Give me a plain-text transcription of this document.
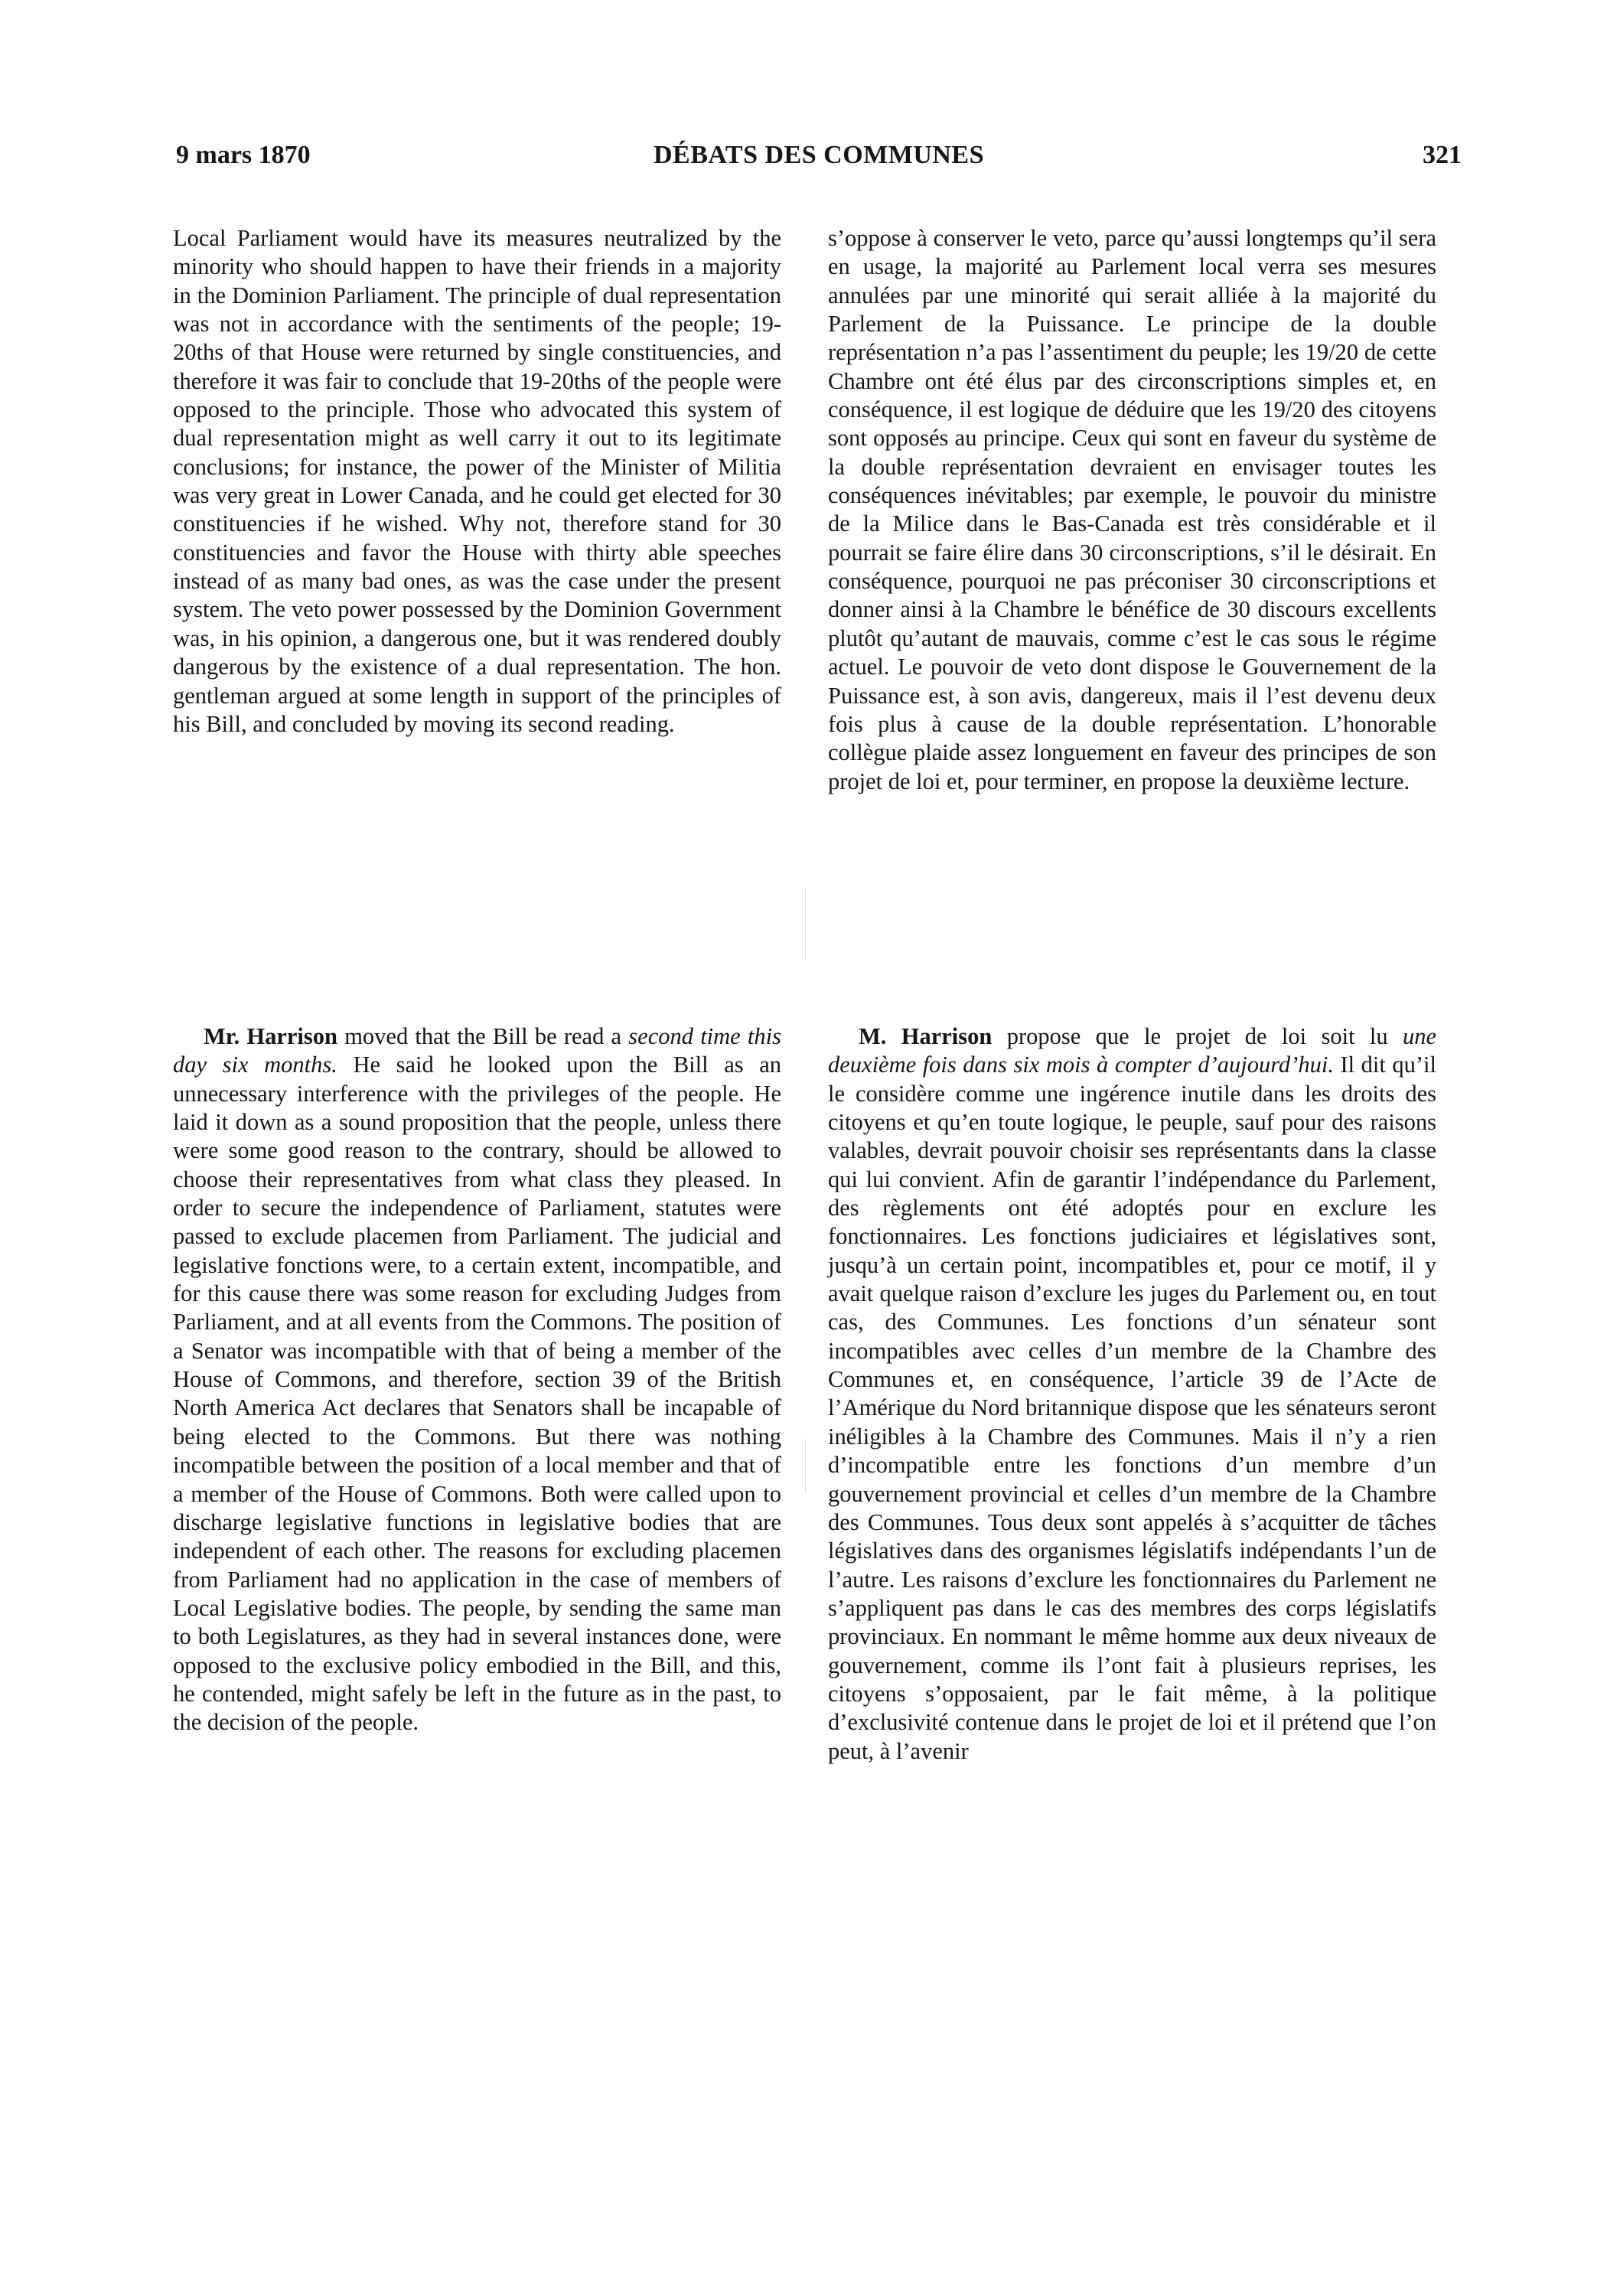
9 mars 1870	DÉBATS DES COMMUNES	321

Local Parliament would have its measures neutralized by the minority who should happen to have their friends in a majority in the Dominion Parliament. The principle of dual representation was not in accordance with the sentiments of the people; 19-20ths of that House were returned by single constituencies, and therefore it was fair to conclude that 19-20ths of the people were opposed to the principle. Those who advocated this system of dual representation might as well carry it out to its legitimate conclusions; for instance, the power of the Minister of Militia was very great in Lower Canada, and he could get elected for 30 constituencies if he wished. Why not, therefore stand for 30 constituencies and favor the House with thirty able speeches instead of as many bad ones, as was the case under the present system. The veto power possessed by the Dominion Government was, in his opinion, a dangerous one, but it was rendered doubly dangerous by the existence of a dual representation. The hon. gentleman argued at some length in support of the principles of his Bill, and concluded by moving its second reading.

s’oppose à conserver le veto, parce qu’aussi longtemps qu’il sera en usage, la majorité au Parlement local verra ses mesures annulées par une minorité qui serait alliée à la majorité du Parlement de la Puissance. Le principe de la double représentation n’a pas l’assentiment du peuple; les 19/20 de cette Chambre ont été élus par des circonscriptions simples et, en conséquence, il est logique de déduire que les 19/20 des citoyens sont opposés au principe. Ceux qui sont en faveur du système de la double représentation devraient en envisager toutes les conséquences inévitables; par exemple, le pouvoir du ministre de la Milice dans le Bas-Canada est très considérable et il pourrait se faire élire dans 30 circonscriptions, s’il le désirait. En conséquence, pourquoi ne pas préconiser 30 circonscriptions et donner ainsi à la Chambre le bénéfice de 30 discours excellents plutôt qu’autant de mauvais, comme c’est le cas sous le régime actuel. Le pouvoir de veto dont dispose le Gouvernement de la Puissance est, à son avis, dangereux, mais il l’est devenu deux fois plus à cause de la double représentation. L’honorable collègue plaide assez longuement en faveur des principes de son projet de loi et, pour terminer, en propose la deuxième lecture.

Mr. Harrison moved that the Bill be read a second time this day six months. He said he looked upon the Bill as an unnecessary interference with the privileges of the people. He laid it down as a sound proposition that the people, unless there were some good reason to the contrary, should be allowed to choose their representatives from what class they pleased. In order to secure the independence of Parliament, statutes were passed to exclude placemen from Parliament. The judicial and legislative fonctions were, to a certain extent, incompatible, and for this cause there was some reason for excluding Judges from Parliament, and at all events from the Commons. The position of a Senator was incompatible with that of being a member of the House of Commons, and therefore, section 39 of the British North America Act declares that Senators shall be incapable of being elected to the Commons. But there was nothing incompatible between the position of a local member and that of a member of the House of Commons. Both were called upon to discharge legislative functions in legislative bodies that are independent of each other. The reasons for excluding placemen from Parliament had no application in the case of members of Local Legislative bodies. The people, by sending the same man to both Legislatures, as they had in several instances done, were opposed to the exclusive policy embodied in the Bill, and this, he contended, might safely be left in the future as in the past, to the decision of the people.

M. Harrison propose que le projet de loi soit lu une deuxième fois dans six mois à compter d’aujourd’hui. Il dit qu’il le considère comme une ingérence inutile dans les droits des citoyens et qu’en toute logique, le peuple, sauf pour des raisons valables, devrait pouvoir choisir ses représentants dans la classe qui lui convient. Afin de garantir l’indépendance du Parlement, des règlements ont été adoptés pour en exclure les fonctionnaires. Les fonctions judiciaires et législatives sont, jusqu’à un certain point, incompatibles et, pour ce motif, il y avait quelque raison d’exclure les juges du Parlement ou, en tout cas, des Communes. Les fonctions d’un sénateur sont incompatibles avec celles d’un membre de la Chambre des Communes et, en conséquence, l’article 39 de l’Acte de l’Amérique du Nord britannique dispose que les sénateurs seront inéligibles à la Chambre des Communes. Mais il n’y a rien d’incompatible entre les fonctions d’un membre d’un gouvernement provincial et celles d’un membre de la Chambre des Communes. Tous deux sont appelés à s’acquitter de tâches législatives dans des organismes législatifs indépendants l’un de l’autre. Les raisons d’exclure les fonctionnaires du Parlement ne s’appliquent pas dans le cas des membres des corps législatifs provinciaux. En nommant le même homme aux deux niveaux de gouvernement, comme ils l’ont fait à plusieurs reprises, les citoyens s’opposaient, par le fait même, à la politique d’exclusivité contenue dans le projet de loi et il prétend que l’on peut, à l’avenir
